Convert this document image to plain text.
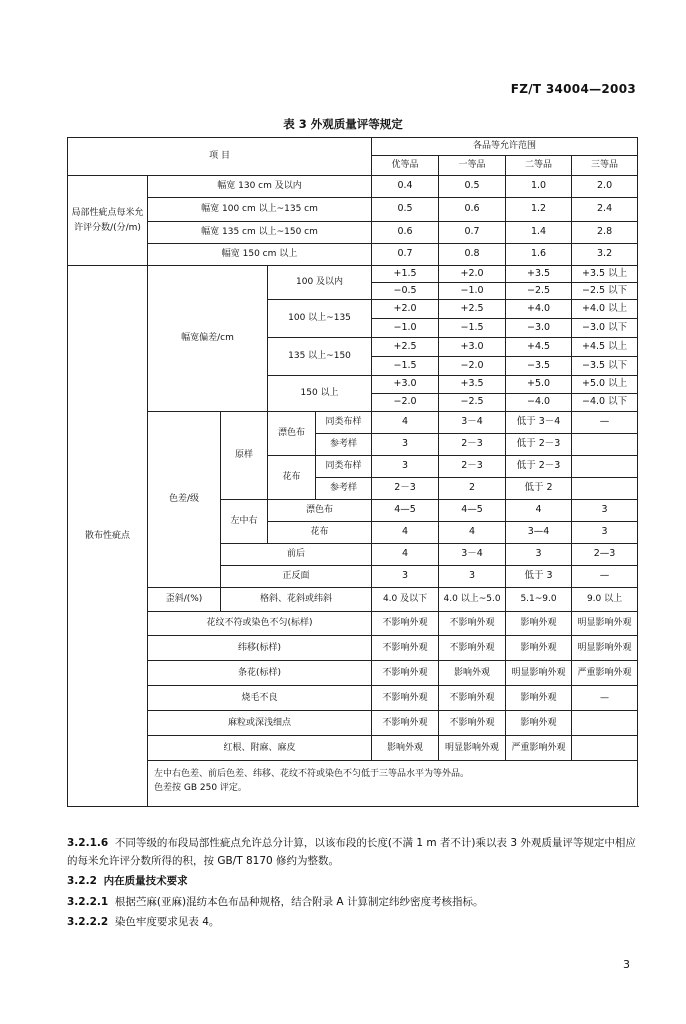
FZ/T 34004—2003
表 3 外观质量评等规定
项 目					各品等允许范围			
					优等品	一等品	二等品	三等品
局部性疵点每米允许评分数/(分/m)	幅宽 130 cm 及以内				0.4	0.5	1.0	2.0
	幅宽 100 cm 以上~135 cm				0.5	0.6	1.2	2.4
	幅宽 135 cm 以上~150 cm				0.6	0.7	1.4	2.8
	幅宽 150 cm 以上				0.7	0.8	1.6	3.2
散布性疵点	幅宽偏差/cm		100 及以内		+1.5	+2.0	+3.5	+3.5 以上
					−0.5	−1.0	−2.5	−2.5 以下
			100 以上~135		+2.0	+2.5	+4.0	+4.0 以上
					−1.0	−1.5	−3.0	−3.0 以下
			135 以上~150		+2.5	+3.0	+4.5	+4.5 以上
					−1.5	−2.0	−3.5	−3.5 以下
			150 以上		+3.0	+3.5	+5.0	+5.0 以上
					−2.0	−2.5	−4.0	−4.0 以下
	色差/级	原样	漂色布	同类布样	4	3－4	低于 3－4	—
				参考样	3	2－3	低于 2－3	
			花布	同类布样	3	2－3	低于 2－3	
				参考样	2－3	2	低于 2	
		左中右	漂色布		4—5	4—5	4	3
			花布		4	4	3—4	3
		前后			4	3－4	3	2—3
		正反面			3	3	低于 3	—
	歪斜/(%)	格斜、花斜或纬斜			4.0 及以下	4.0 以上~5.0	5.1~9.0	9.0 以上
	花纹不符或染色不匀(标样)				不影响外观	不影响外观	影响外观	明显影响外观
	纬移(标样)				不影响外观	不影响外观	影响外观	明显影响外观
	条花(标样)				不影响外观	影响外观	明显影响外观	严重影响外观
	烧毛不良				不影响外观	不影响外观	影响外观	—
	麻粒或深浅细点				不影响外观	不影响外观	影响外观	
	红根、附麻、麻皮				影响外观	明显影响外观	严重影响外观	

	左中右色差、前后色差、纬移、花纹不符或染色不匀低于三等品水平为等外品。
色差按 GB 250 评定。							
3.2.1.6 不同等级的布段局部性疵点允许总分计算，以该布段的长度(不满 1 m 者不计)乘以表 3 外观质量评等规定中相应的每米允许评分数所得的积，按 GB/T 8170 修约为整数。
3.2.2 内在质量技术要求
3.2.2.1 根据苎麻(亚麻)混纺本色布品种规格，结合附录 A 计算制定纬纱密度考核指标。
3.2.2.2 染色牢度要求见表 4。
3
